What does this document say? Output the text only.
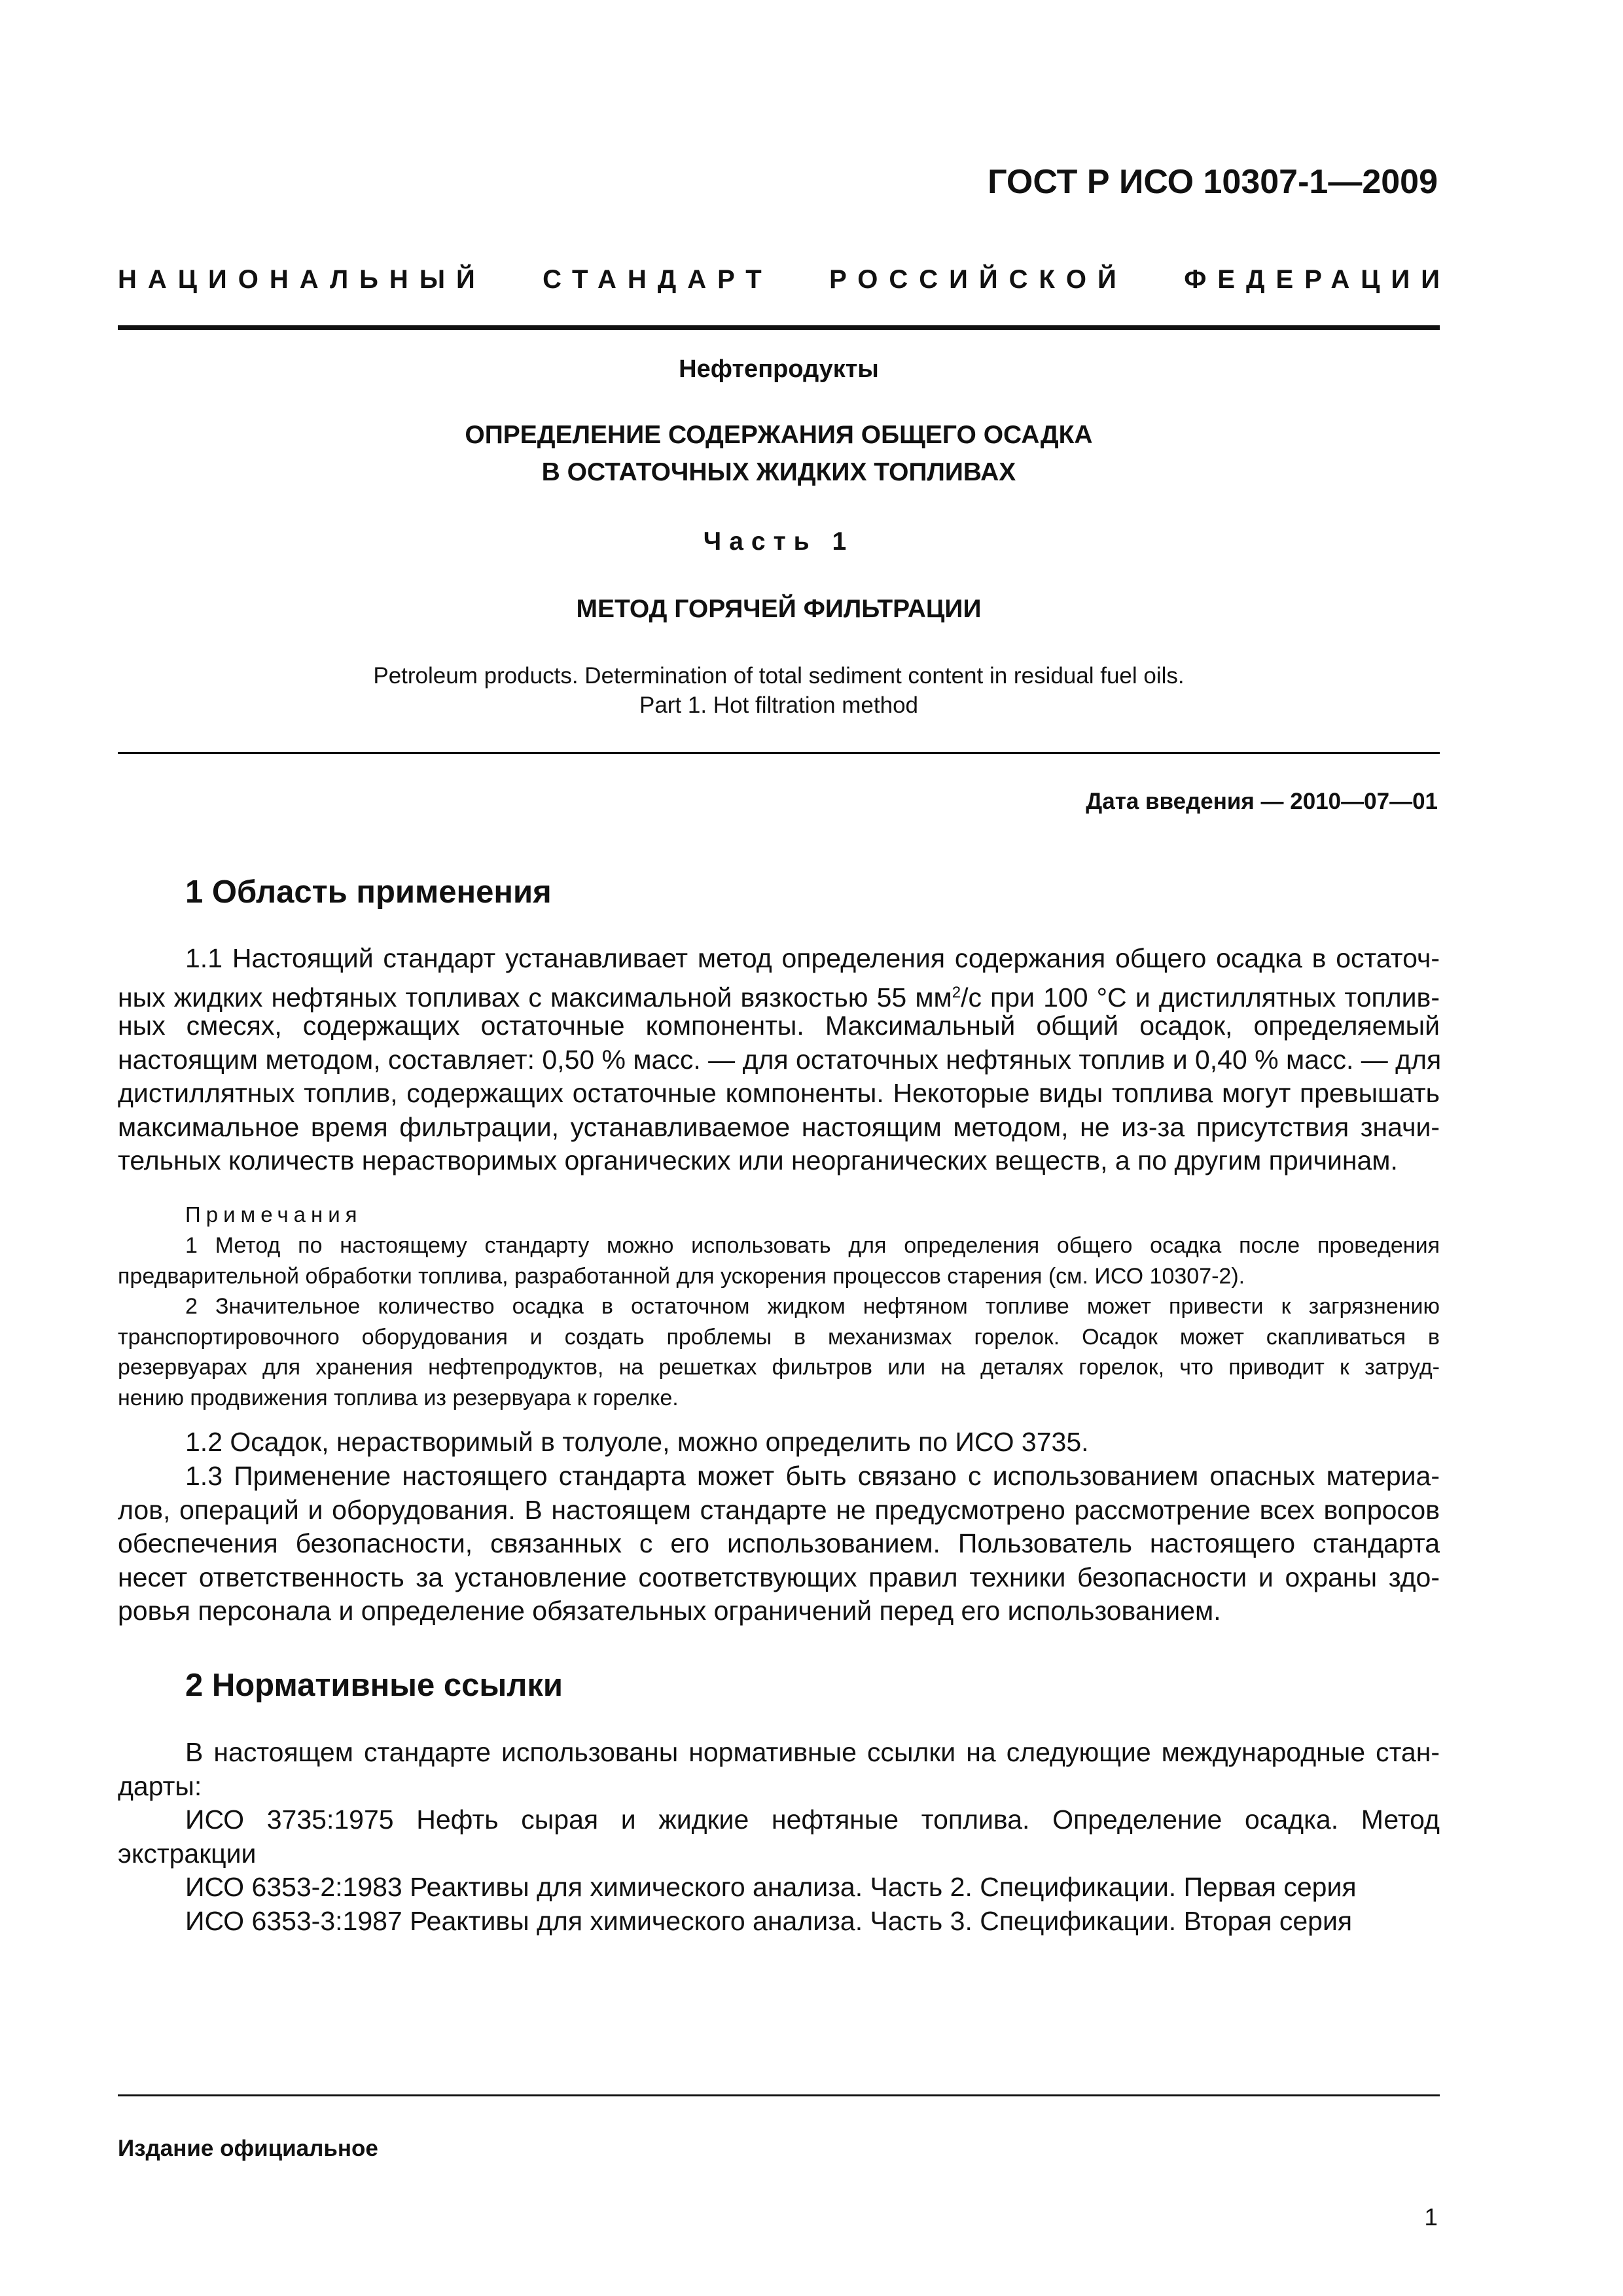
ГОСТ Р ИСО 10307-1—2009
НАЦИОНАЛЬНЫЙ СТАНДАРТ РОССИЙСКОЙ ФЕДЕРАЦИИ
Нефтепродукты
ОПРЕДЕЛЕНИЕ СОДЕРЖАНИЯ ОБЩЕГО ОСАДКА
В ОСТАТОЧНЫХ ЖИДКИХ ТОПЛИВАХ
Часть 1
МЕТОД ГОРЯЧЕЙ ФИЛЬТРАЦИИ
Petroleum products. Determination of total sediment content in residual fuel oils.
Part 1. Hot filtration method
Дата введения — 2010—07—01
1 Область применения
1.1 Настоящий стандарт устанавливает метод определения содержания общего осадка в остаточ-
ных жидких нефтяных топливах с максимальной вязкостью 55 $мм^2/с$ при 100 °С и дистиллятных топлив-
ных смесях, содержащих остаточные компоненты. Максимальный общий осадок, определяемый
настоящим методом, составляет: 0,50 % масс. — для остаточных нефтяных топлив и 0,40 % масс. — для
дистиллятных топлив, содержащих остаточные компоненты. Некоторые виды топлива могут превышать
максимальное время фильтрации, устанавливаемое настоящим методом, не из-за присутствия значи-
тельных количеств нерастворимых органических или неорганических веществ, а по другим причинам.
Примечания
1 Метод по настоящему стандарту можно использовать для определения общего осадка после проведения
предварительной обработки топлива, разработанной для ускорения процессов старения (см. ИСО 10307-2).
2 Значительное количество осадка в остаточном жидком нефтяном топливе может привести к загрязнению
транспортировочного оборудования и создать проблемы в механизмах горелок. Осадок может скапливаться в
резервуарах для хранения нефтепродуктов, на решетках фильтров или на деталях горелок, что приводит к затруд-
нению продвижения топлива из резервуара к горелке.
1.2 Осадок, нерастворимый в толуоле, можно определить по ИСО 3735.
1.3 Применение настоящего стандарта может быть связано с использованием опасных материа-
лов, операций и оборудования. В настоящем стандарте не предусмотрено рассмотрение всех вопросов
обеспечения безопасности, связанных с его использованием. Пользователь настоящего стандарта
несет ответственность за установление соответствующих правил техники безопасности и охраны здо-
ровья персонала и определение обязательных ограничений перед его использованием.
2 Нормативные ссылки
В настоящем стандарте использованы нормативные ссылки на следующие международные стан-
дарты:
ИСО 3735:1975 Нефть сырая и жидкие нефтяные топлива. Определение осадка. Метод
экстракции
ИСО 6353-2:1983 Реактивы для химического анализа. Часть 2. Спецификации. Первая серия
ИСО 6353-3:1987 Реактивы для химического анализа. Часть 3. Спецификации. Вторая серия
Издание официальное
1
